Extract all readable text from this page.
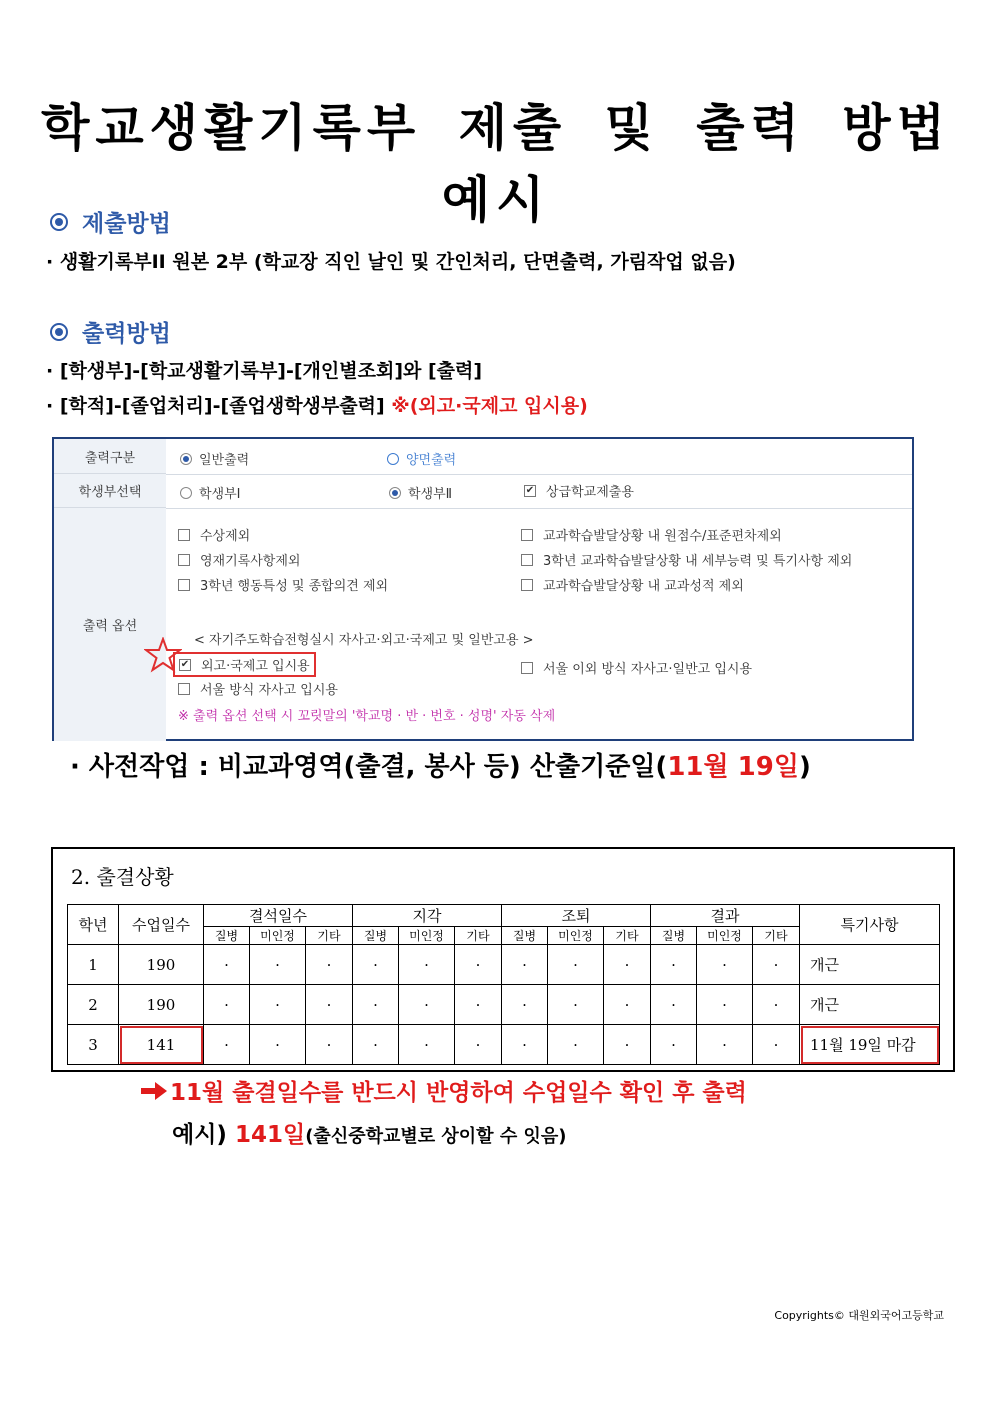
학교생활기록부 제출 및 출력 방법 예시
제출방법
· 생활기록부II 원본 2부 (학교장 직인 날인 및 간인처리, 단면출력, 가림작업 없음)
출력방법
· [학생부]-[학교생활기록부]-[개인별조회]와 [출력]
· [학적]-[졸업처리]-[졸업생학생부출력] ※(외고·국제고 입시용)
출력구분	일반출력	양면출력
학생부선택	학생부Ⅰ	학생부Ⅱ	✔ 상급학교제출용
출력 옵션
수상제외
영재기록사항제외
3학년 행동특성 및 종합의견 제외
교과학습발달상황 내 원점수/표준편차제외
3학년 교과학습발달상황 내 세부능력 및 특기사항 제외
교과학습발달상황 내 교과성적 제외
< 자기주도학습전형실시 자사고·외고·국제고 및 일반고용 >
✔ 외고·국제고 입시용	서울 이외 방식 자사고·일반고 입시용
서울 방식 자사고 입시용
※ 출력 옵션 선택 시 꼬릿말의 '학교명 · 반 · 번호 · 성명' 자동 삭제
· 사전작업 : 비교과영역(출결, 봉사 등) 산출기준일(11월 19일)
2. 출결상황
학년	수업일수	결석일수			지각			조퇴			결과			특기사항
		질병	미인정	기타	질병	미인정	기타	질병	미인정	기타	질병	미인정	기타	
1	190	·	·	·	·	·	·	·	·	·	·	·	·	개근
2	190	·	·	·	·	·	·	·	·	·	·	·	·	개근
3	141	·	·	·	·	·	·	·	·	·	·	·	·	11월 19일 마감
11월 출결일수를 반드시 반영하여 수업일수 확인 후 출력
예시) 141일(출신중학교별로 상이할 수 잇음)
Copyrights© 대원외국어고등학교
